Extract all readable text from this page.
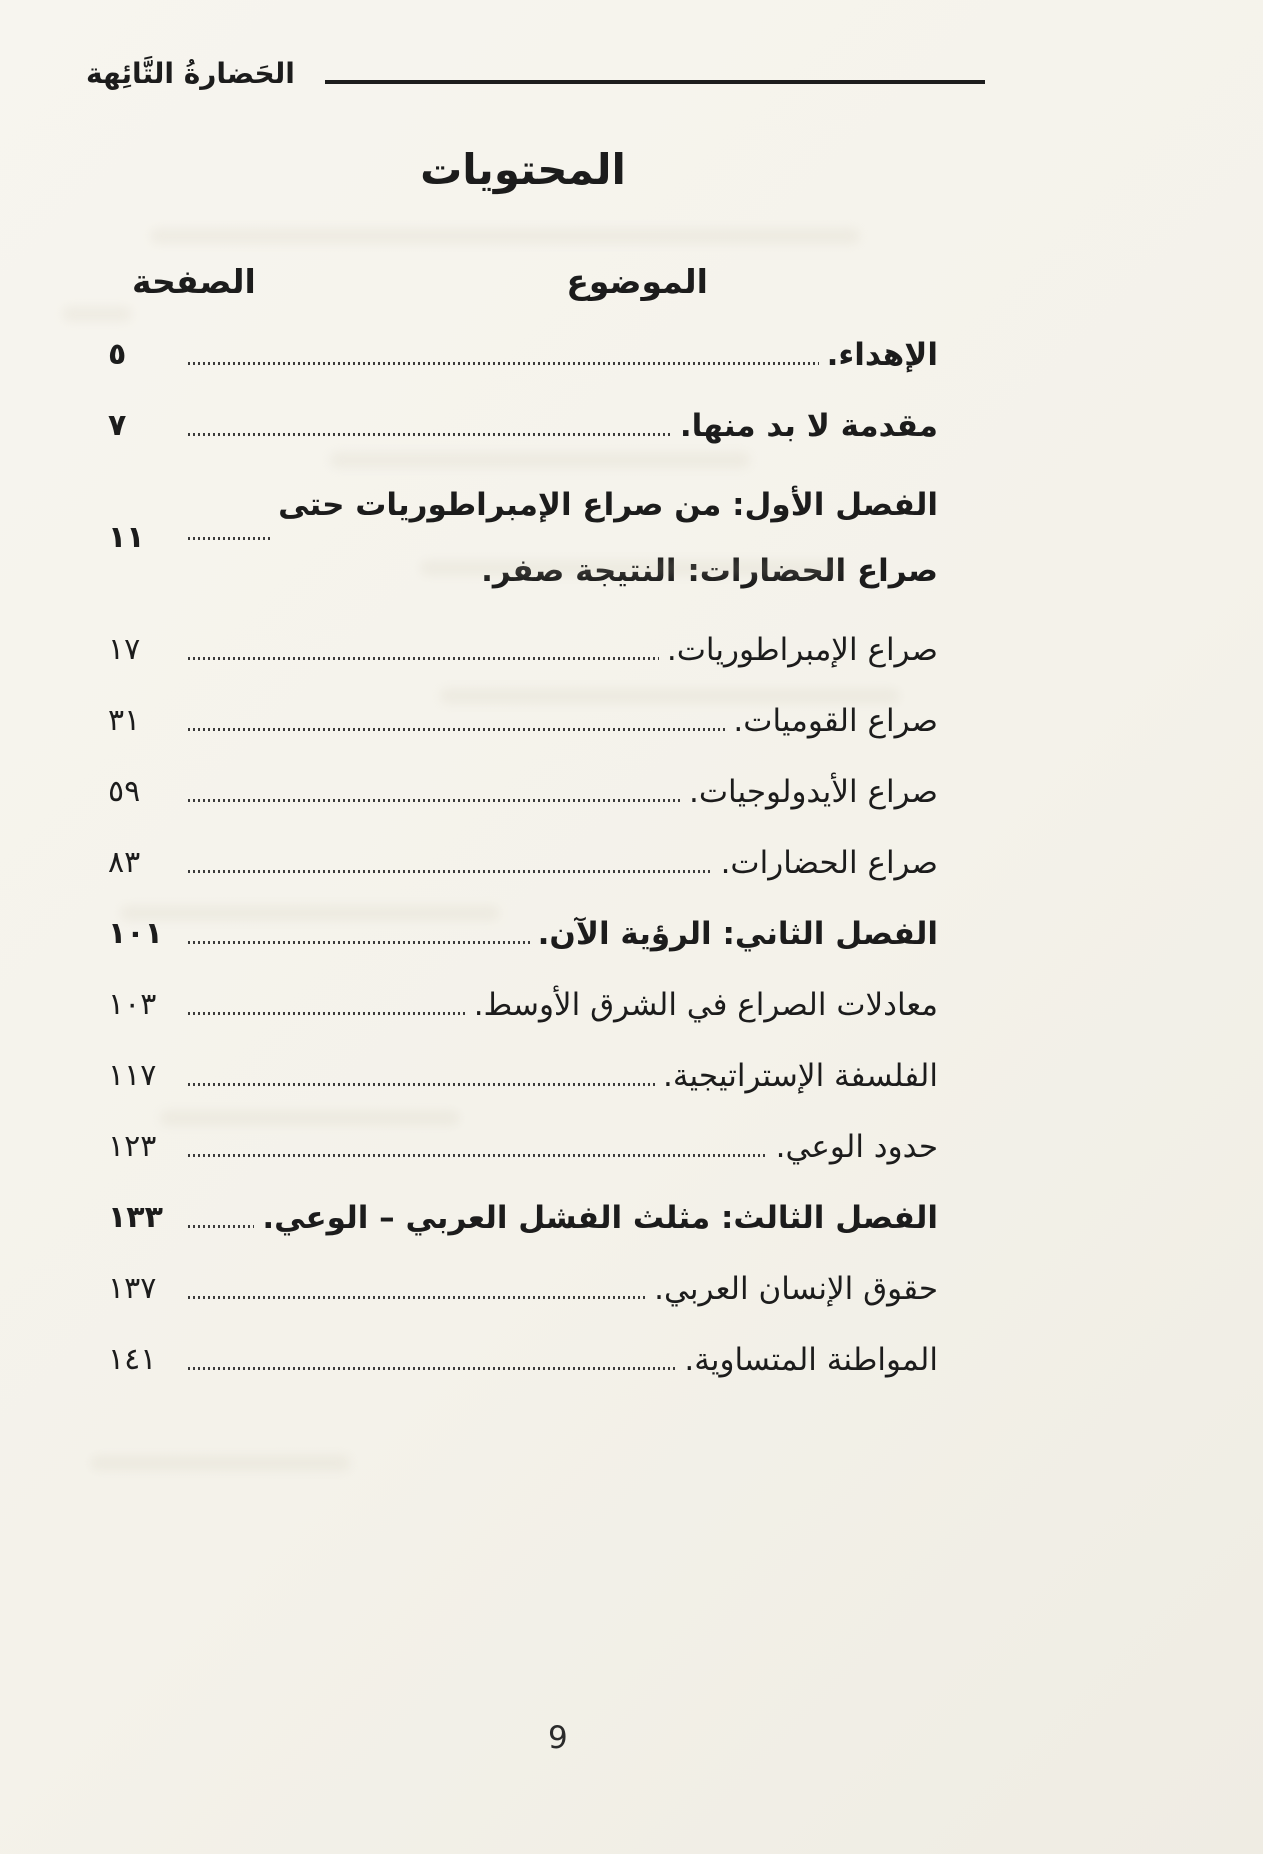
الحَضارةُ التَّائِهة
المحتويات
الموضوع
الصفحة
الإهداء.
٥
مقدمة لا بد منها.
٧
الفصل الأول: من صراع الإمبراطوريات حتى
صراع الحضارات: النتيجة صفر.
١١
صراع الإمبراطوريات.
١٧
صراع القوميات.
٣١
صراع الأيدولوجيات.
٥٩
صراع الحضارات.
٨٣
الفصل الثاني: الرؤية الآن.
١٠١
معادلات الصراع في الشرق الأوسط.
١٠٣
الفلسفة الإستراتيجية.
١١٧
حدود الوعي.
١٢٣
الفصل الثالث: مثلث الفشل العربي – الوعي.
١٣٣
حقوق الإنسان العربي.
١٣٧
المواطنة المتساوية.
١٤١
9
